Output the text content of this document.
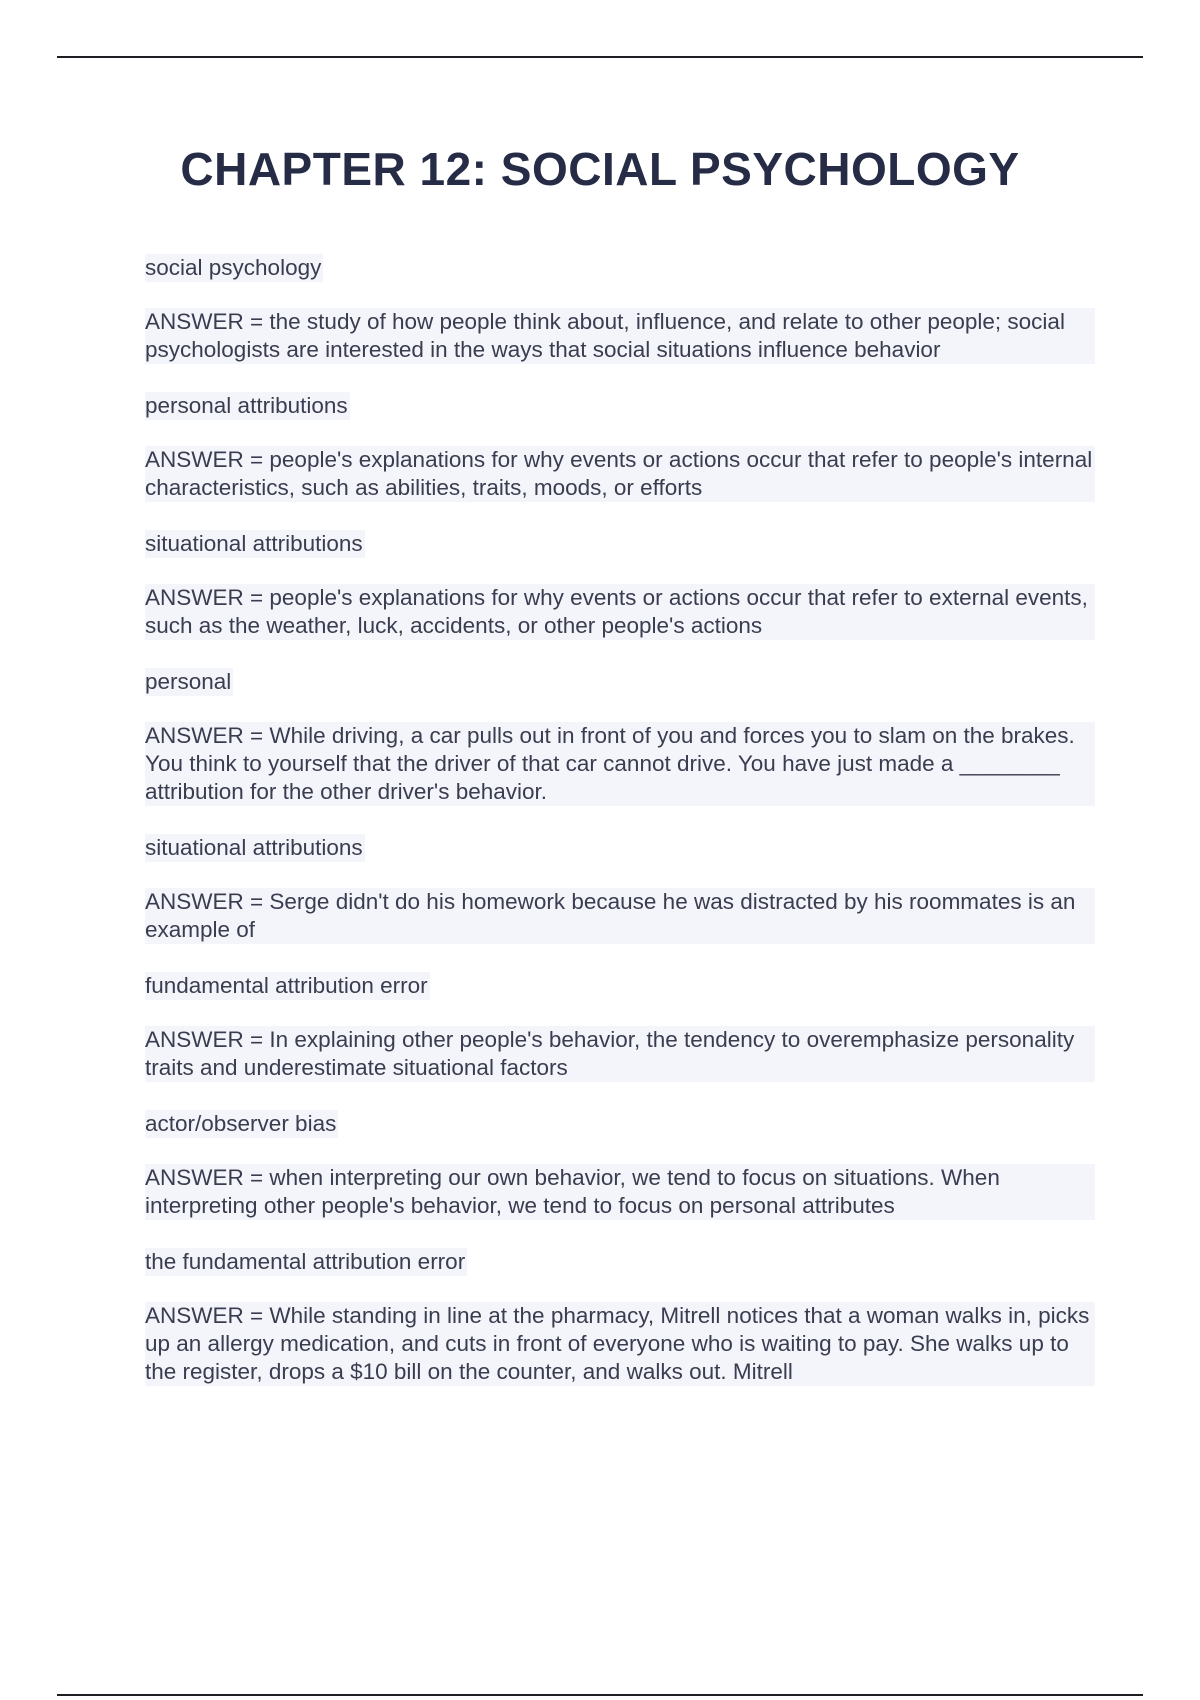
CHAPTER 12: SOCIAL PSYCHOLOGY
social psychology

ANSWER = the study of how people think about, influence, and relate to other people; social psychologists are interested in the ways that social situations influence behavior

personal attributions

ANSWER = people's explanations for why events or actions occur that refer to people's internal characteristics, such as abilities, traits, moods, or efforts

situational attributions

ANSWER = people's explanations for why events or actions occur that refer to external events, such as the weather, luck, accidents, or other people's actions

personal

ANSWER = While driving, a car pulls out in front of you and forces you to slam on the brakes. You think to yourself that the driver of that car cannot drive. You have just made a ________ attribution for the other driver's behavior.

situational attributions

ANSWER = Serge didn't do his homework because he was distracted by his roommates is an example of

fundamental attribution error

ANSWER = In explaining other people's behavior, the tendency to overemphasize personality traits and underestimate situational factors

actor/observer bias

ANSWER = when interpreting our own behavior, we tend to focus on situations. When interpreting other people's behavior, we tend to focus on personal attributes

the fundamental attribution error

ANSWER = While standing in line at the pharmacy, Mitrell notices that a woman walks in, picks up an allergy medication, and cuts in front of everyone who is waiting to pay. She walks up to the register, drops a $10 bill on the counter, and walks out. Mitrell
